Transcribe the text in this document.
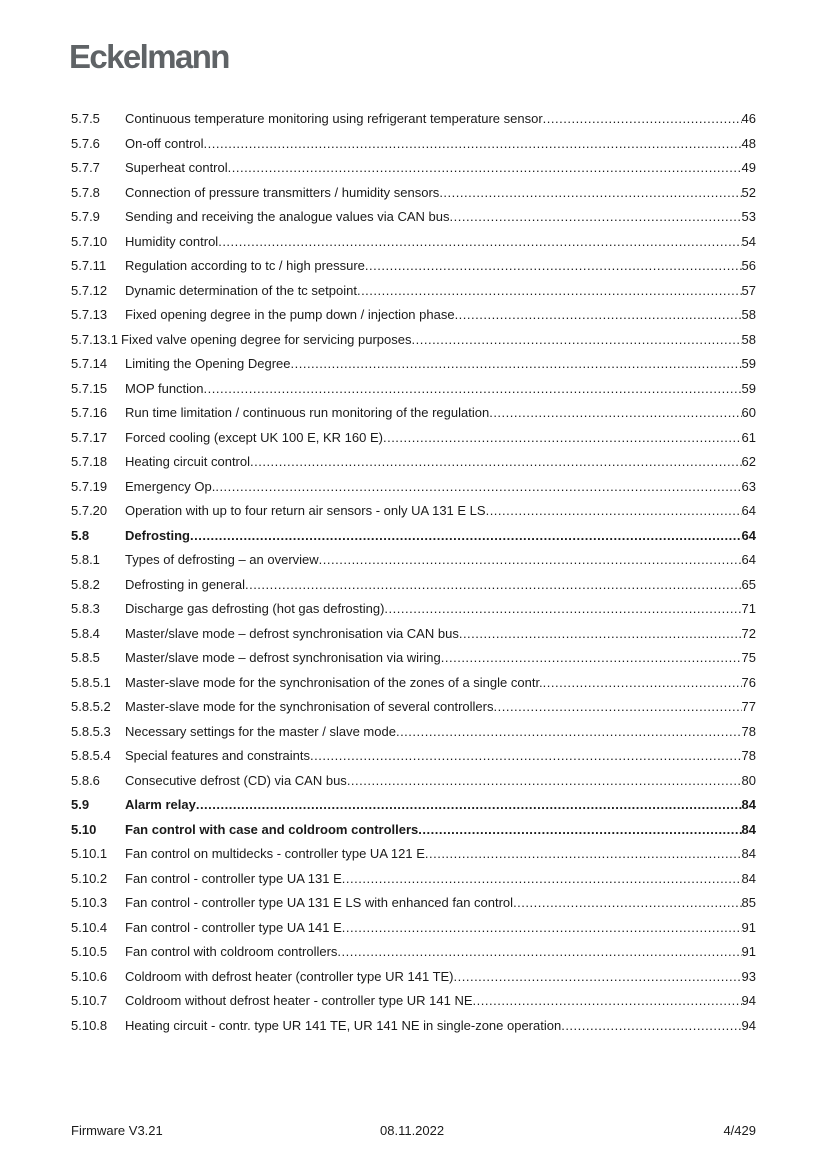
Eckelmann
5.7.5	Continuous temperature monitoring using refrigerant temperature sensor .....	46
5.7.6	On-off control .....	48
5.7.7	Superheat control .....	49
5.7.8	Connection of pressure transmitters / humidity sensors .....	52
5.7.9	Sending and receiving the analogue values via CAN bus .....	53
5.7.10	Humidity control .....	54
5.7.11	Regulation according to tc / high pressure .....	56
5.7.12	Dynamic determination of the tc setpoint .....	57
5.7.13	Fixed opening degree in the pump down / injection phase .....	58
5.7.13.1 Fixed valve opening degree for servicing purposes .....	58
5.7.14	Limiting the Opening Degree .....	59
5.7.15	MOP function .....	59
5.7.16	Run time limitation / continuous run monitoring of the regulation .....	60
5.7.17	Forced cooling (except UK 100 E, KR 160 E) .....	61
5.7.18	Heating circuit control .....	62
5.7.19	Emergency Op. .....	63
5.7.20	Operation with up to four return air sensors - only UA 131 E LS .....	64
5.8	Defrosting .....	64
5.8.1	Types of defrosting – an overview .....	64
5.8.2	Defrosting in general .....	65
5.8.3	Discharge gas defrosting (hot gas defrosting) .....	71
5.8.4	Master/slave mode – defrost synchronisation via CAN bus .....	72
5.8.5	Master/slave mode – defrost synchronisation via wiring .....	75
5.8.5.1	Master-slave mode for the synchronisation of the zones of a single contr. .....	76
5.8.5.2	Master-slave mode for the synchronisation of several controllers .....	77
5.8.5.3	Necessary settings for the master / slave mode .....	78
5.8.5.4	Special features and constraints .....	78
5.8.6	Consecutive defrost (CD) via CAN bus .....	80
5.9	Alarm relay .....	84
5.10	Fan control with case and coldroom controllers .....	84
5.10.1	Fan control on multidecks - controller type UA 121 E .....	84
5.10.2	Fan control - controller type UA 131 E .....	84
5.10.3	Fan control - controller type UA 131 E LS with enhanced fan control .....	85
5.10.4	Fan control - controller type UA 141 E .....	91
5.10.5	Fan control with coldroom controllers .....	91
5.10.6	Coldroom with defrost heater (controller type UR 141 TE) .....	93
5.10.7	Coldroom without defrost heater - controller type UR 141 NE .....	94
5.10.8	Heating circuit - contr. type UR 141 TE, UR 141 NE in single-zone operation .....	94
Firmware V3.21	08.11.2022	4/429
